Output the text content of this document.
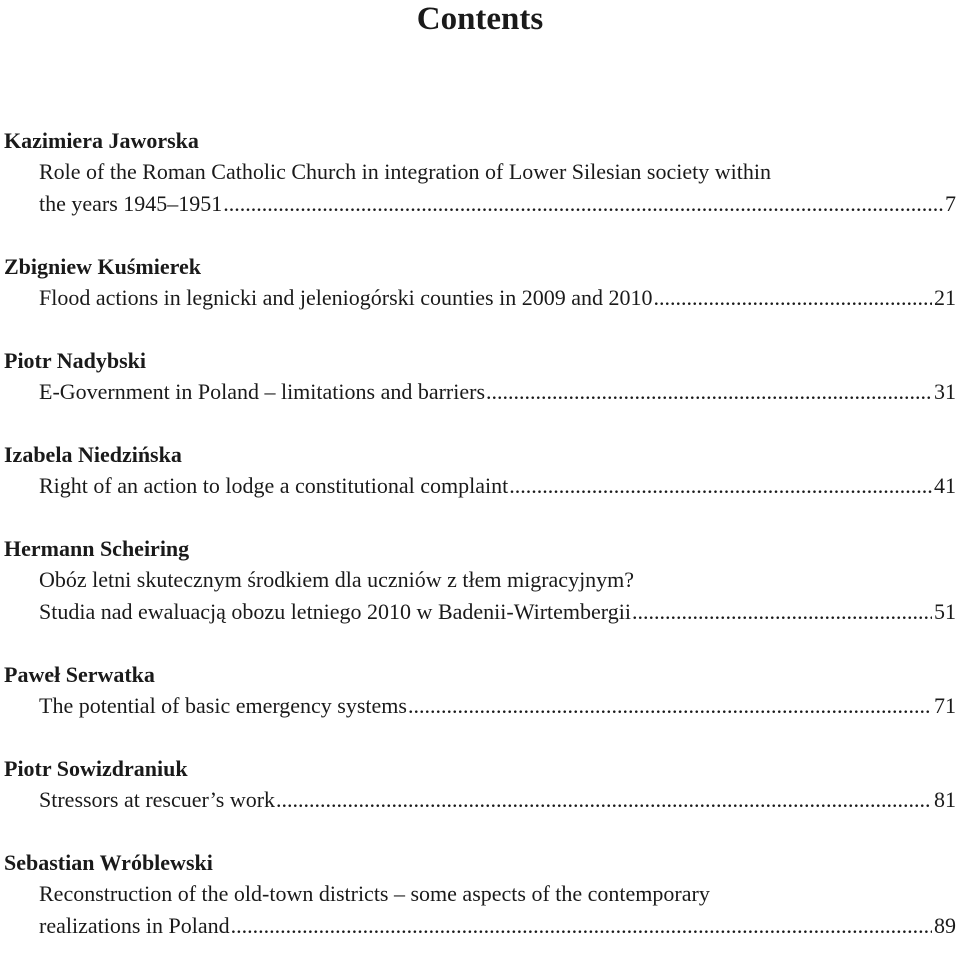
Contents
Kazimiera Jaworska
Role of the Roman Catholic Church in integration of Lower Silesian society within
the years 1945–1951 .....	7
Zbigniew Kuśmierek
Flood actions in legnicki and jeleniogórski counties in 2009 and 2010 .....	21
Piotr Nadybski
E-Government in Poland – limitations and barriers .....	31
Izabela Niedzińska
Right of an action to lodge a constitutional complaint .....	41
Hermann Scheiring
Obóz letni skutecznym środkiem dla uczniów z tłem migracyjnym?
Studia nad ewaluacją obozu letniego 2010 w Badenii-Wirtembergii .....	51
Paweł Serwatka
The potential of basic emergency systems .....	71
Piotr Sowizdraniuk
Stressors at rescuer’s work .....	81
Sebastian Wróblewski
Reconstruction of the old-town districts – some aspects of the contemporary
realizations in Poland .....	89
